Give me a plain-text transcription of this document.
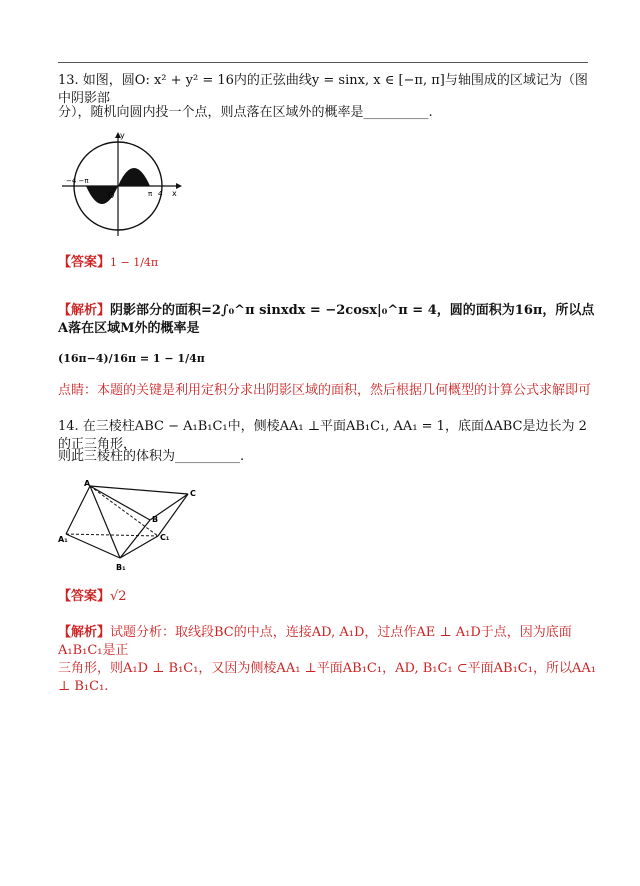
13. 如图，圆O: x² + y² = 16内的正弦曲线y = sinx, x ∈ [−π, π]与轴围成的区域记为（图中阴影部
分），随机向圆内投一个点，则点落在区域外的概率是__________.
y
x
O
−4 −π
π 4
【答案】1 − 1/4π
【解析】阴影部分的面积=2∫₀^π sinxdx = −2cosx|₀^π = 4，圆的面积为16π，所以点A落在区域M外的概率是
(16π−4)/16π = 1 − 1/4π
点睛：本题的关键是利用定积分求出阴影区域的面积，然后根据几何概型的计算公式求解即可
14. 在三棱柱ABC − A₁B₁C₁中，侧棱AA₁ ⊥平面AB₁C₁, AA₁ = 1，底面ΔABC是边长为 2 的正三角形，
则此三棱柱的体积为__________.
A
C
B
A₁	C₁
B₁
【答案】√2
【解析】试题分析：取线段BC的中点，连接AD, A₁D，过点作AE ⊥ A₁D于点，因为底面A₁B₁C₁是正
三角形，则A₁D ⊥ B₁C₁，又因为侧棱AA₁ ⊥平面AB₁C₁，AD, B₁C₁ ⊂平面AB₁C₁，所以AA₁ ⊥ B₁C₁.
